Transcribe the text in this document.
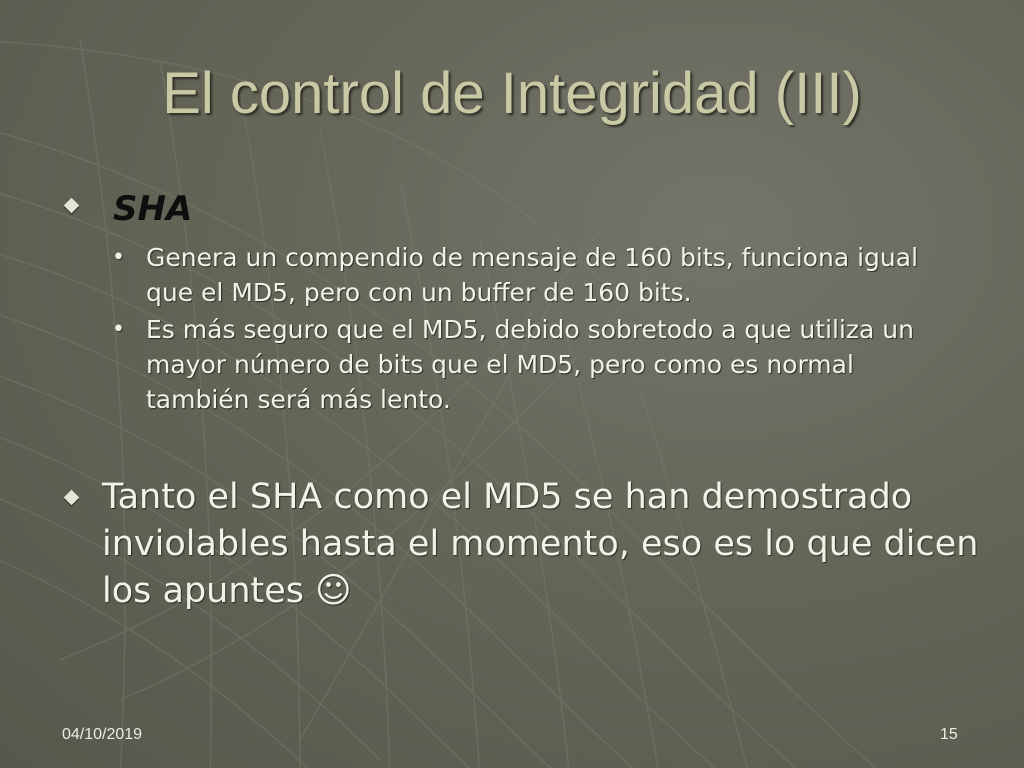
El control de Integridad (III)
SHA
• Genera un compendio de mensaje de 160 bits, funciona igual que el MD5, pero con un buffer de 160 bits.
• Es más seguro que el MD5, debido sobretodo a que utiliza un mayor número de bits que el MD5, pero como es normal también será más lento.
Tanto el SHA como el MD5 se han demostrado inviolables hasta el momento, eso es lo que dicen los apuntes ☺
04/10/2019	15
